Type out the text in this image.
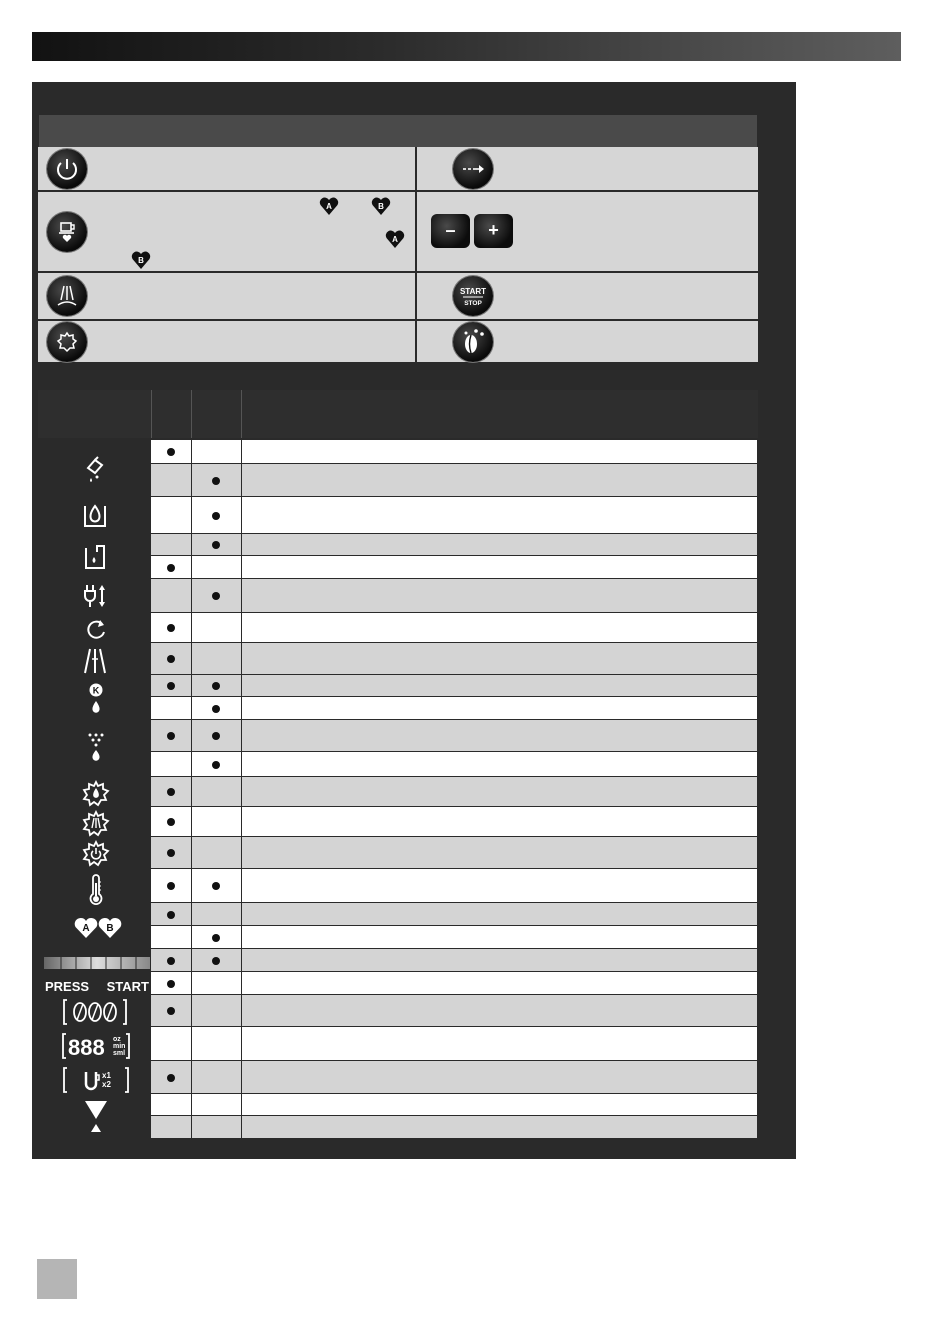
A	B
A
B
–	+
START
STOP
K
A B
PRESS START
888 oz
min
sml
x1
x2
